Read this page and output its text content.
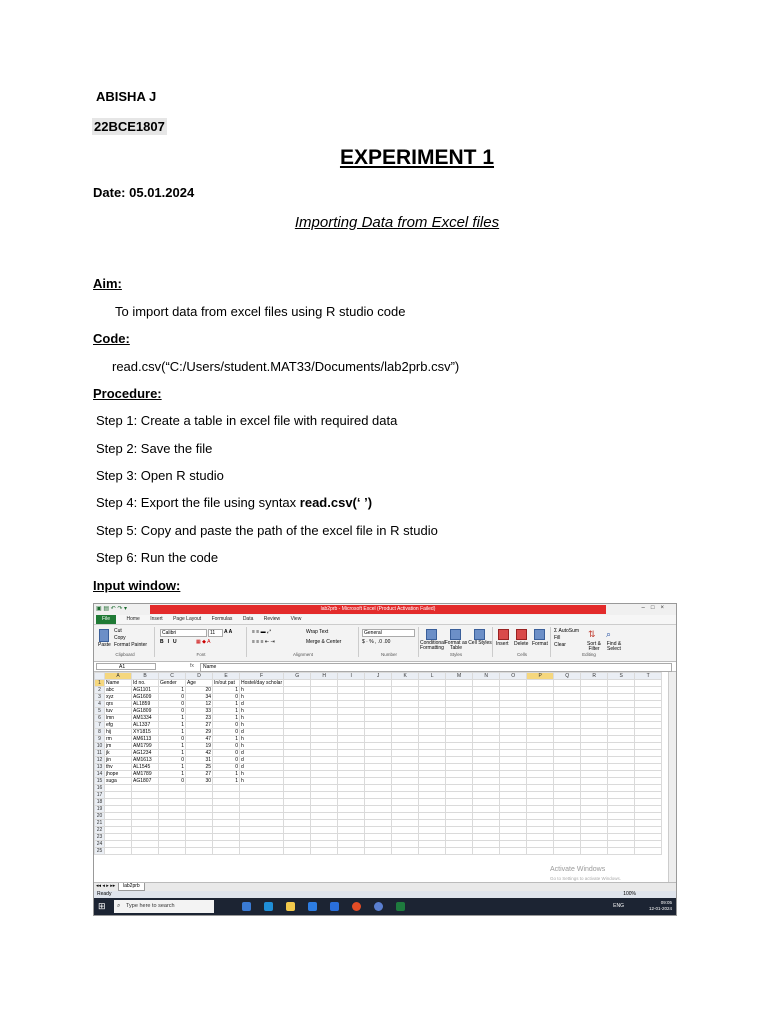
ABISHA J
22BCE1807
EXPERIMENT 1
Date: 05.01.2024
Importing Data from Excel files
Aim:
To import data from excel files using R studio code
Code:
read.csv(“C:/Users/student.MAT33/Documents/lab2prb.csv”)
Procedure:
Step 1: Create a table in excel file with required data
Step 2: Save the file
Step 3: Open R studio
Step 4: Export the file using syntax read.csv(‘ ’)
Step 5: Copy and paste the path of the excel file in R studio
Step 6: Run the code
Input window:
▣ ▤ ↶ ↷ ▾	lab2prb - Microsoft Excel (Product Activation Failed)	–□×
File	Home Insert Page Layout Formulas Data Review View
Paste
Cut
Copy
Format Painter
Clipboard
Calibri	11	A A
BIU	▦ ◆ A
Font
≡ ≡ ▬ ⤢	Wrap Text
≡ ≡ ≡ ⇤ ⇥	Merge & Center
Alignment
General
$ · % , .0 .00
Number
Conditional Formatting
Format as Table
Cell Styles
Styles
Insert Delete Format
Cells
Σ AutoSum
Fill
Clear
⇅ ⌕
Sort & Filter
Find & Select
Editing
A1	fx	Name
	A	B	C	D	E	F	G	H	I	J	K	L	M	N	O	P	Q	R	S	T
1	Name	Id no.	Gender	Age	In/out pat	Hostel/day scholar														
2	abc	AG1101	1	20	1	h														
3	xyz	AG1609	0	34	0	h														
4	qrs	AL1859	0	12	1	d														
5	tuv	AG1809	0	33	1	h														
6	lmn	AM1334	1	23	1	h														
7	efg	AL1337	1	27	0	h														
8	hij	XY1815	1	29	0	d														
9	rm	AM6113	0	47	1	h														
10	jm	AM1799	1	19	0	h														
11	jk	AG1234	1	42	0	d														
12	jin	AM1613	0	31	0	d														
13	thv	AL1545	1	25	0	d														
14	jhope	AM1789	1	27	1	h														
15	suga	AG1807	0	30	1	h														
16																				
17																				
18																				
19																				
20																				
21																				
22																				
23																				
24																				
25																				
Activate Windows
Go to Settings to activate Windows.
◂◂ ◂ ▸ ▸▸	lab2prb
Ready	100%
⊞ ⌕ Type here to search	ENG
09:05
12-01-2024
